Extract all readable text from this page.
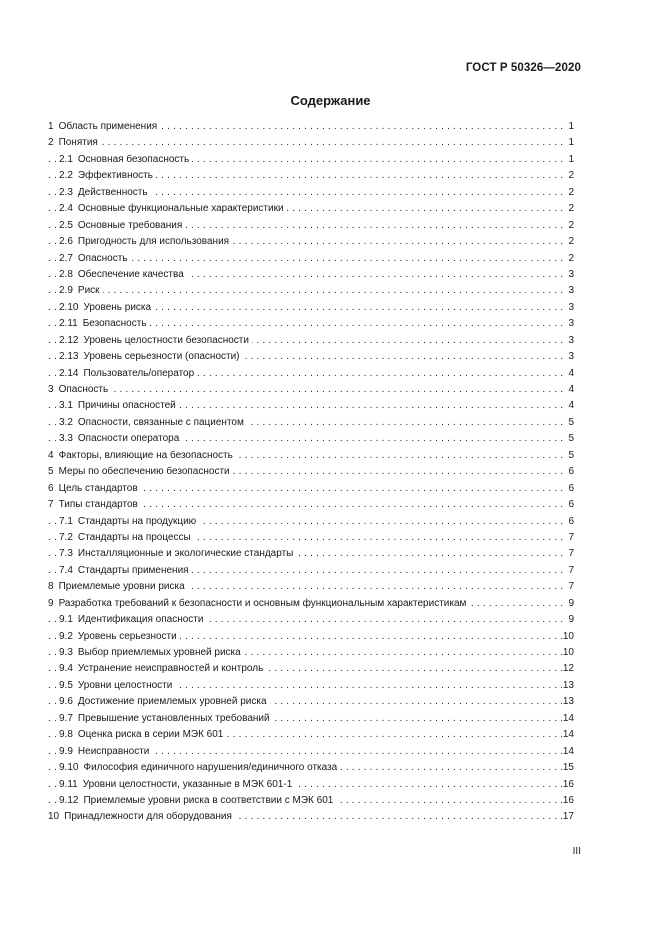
ГОСТ Р 50326—2020
Содержание
1 Область применения	1
. . .
2 Понятия	1
. . .
2.1 Основная безопасность	1
. . .
2.2 Эффективность	2
. . .
2.3 Действенность	2
. . .
2.4 Основные функциональные характеристики	2
. . .
2.5 Основные требования	2
. . .
2.6 Пригодность для использования	2
. . .
2.7 Опасность	2
. . .
2.8 Обеспечение качества	3
. . .
2.9 Риск	3
. . .
2.10 Уровень риска	3
. . .
2.11 Безопасность	3
. . .
2.12 Уровень целостности безопасности	3
. . .
2.13 Уровень серьезности (опасности)	3
. . .
2.14 Пользователь/оператор	4
. . .
3 Опасность	4
. . .
3.1 Причины опасностей	4
. . .
3.2 Опасности, связанные с пациентом	5
. . .
3.3 Опасности оператора	5
. . .
4 Факторы, влияющие на безопасность	5
. . .
5 Меры по обеспечению безопасности	6
. . .
6 Цель стандартов	6
. . .
7 Типы стандартов	6
. . .
7.1 Стандарты на продукцию	6
. . .
7.2 Стандарты на процессы	7
. . .
7.3 Инсталляционные и экологические стандарты	7
. . .
7.4 Стандарты применения	7
. . .
8 Приемлемые уровни риска	7
. . .
9 Разработка требований к безопасности и основным функциональным характеристикам	9
. . .
9.1 Идентификация опасности	9
. . .
9.2 Уровень серьезности	10
. . .
9.3 Выбор приемлемых уровней риска	10
. . .
9.4 Устранение неисправностей и контроль	12
. . .
9.5 Уровни целостности	13
. . .
9.6 Достижение приемлемых уровней риска	13
. . .
9.7 Превышение установленных требований	14
. . .
9.8 Оценка риска в серии МЭК 601	14
. . .
9.9 Неисправности	14
. . .
9.10 Философия единичного нарушения/единичного отказа	15
. . .
9.11 Уровни целостности, указанные в МЭК 601-1	16
. . .
9.12 Приемлемые уровни риска в соответствии с МЭК 601	16
. . .
10 Принадлежности для оборудования	17
. . .
III
